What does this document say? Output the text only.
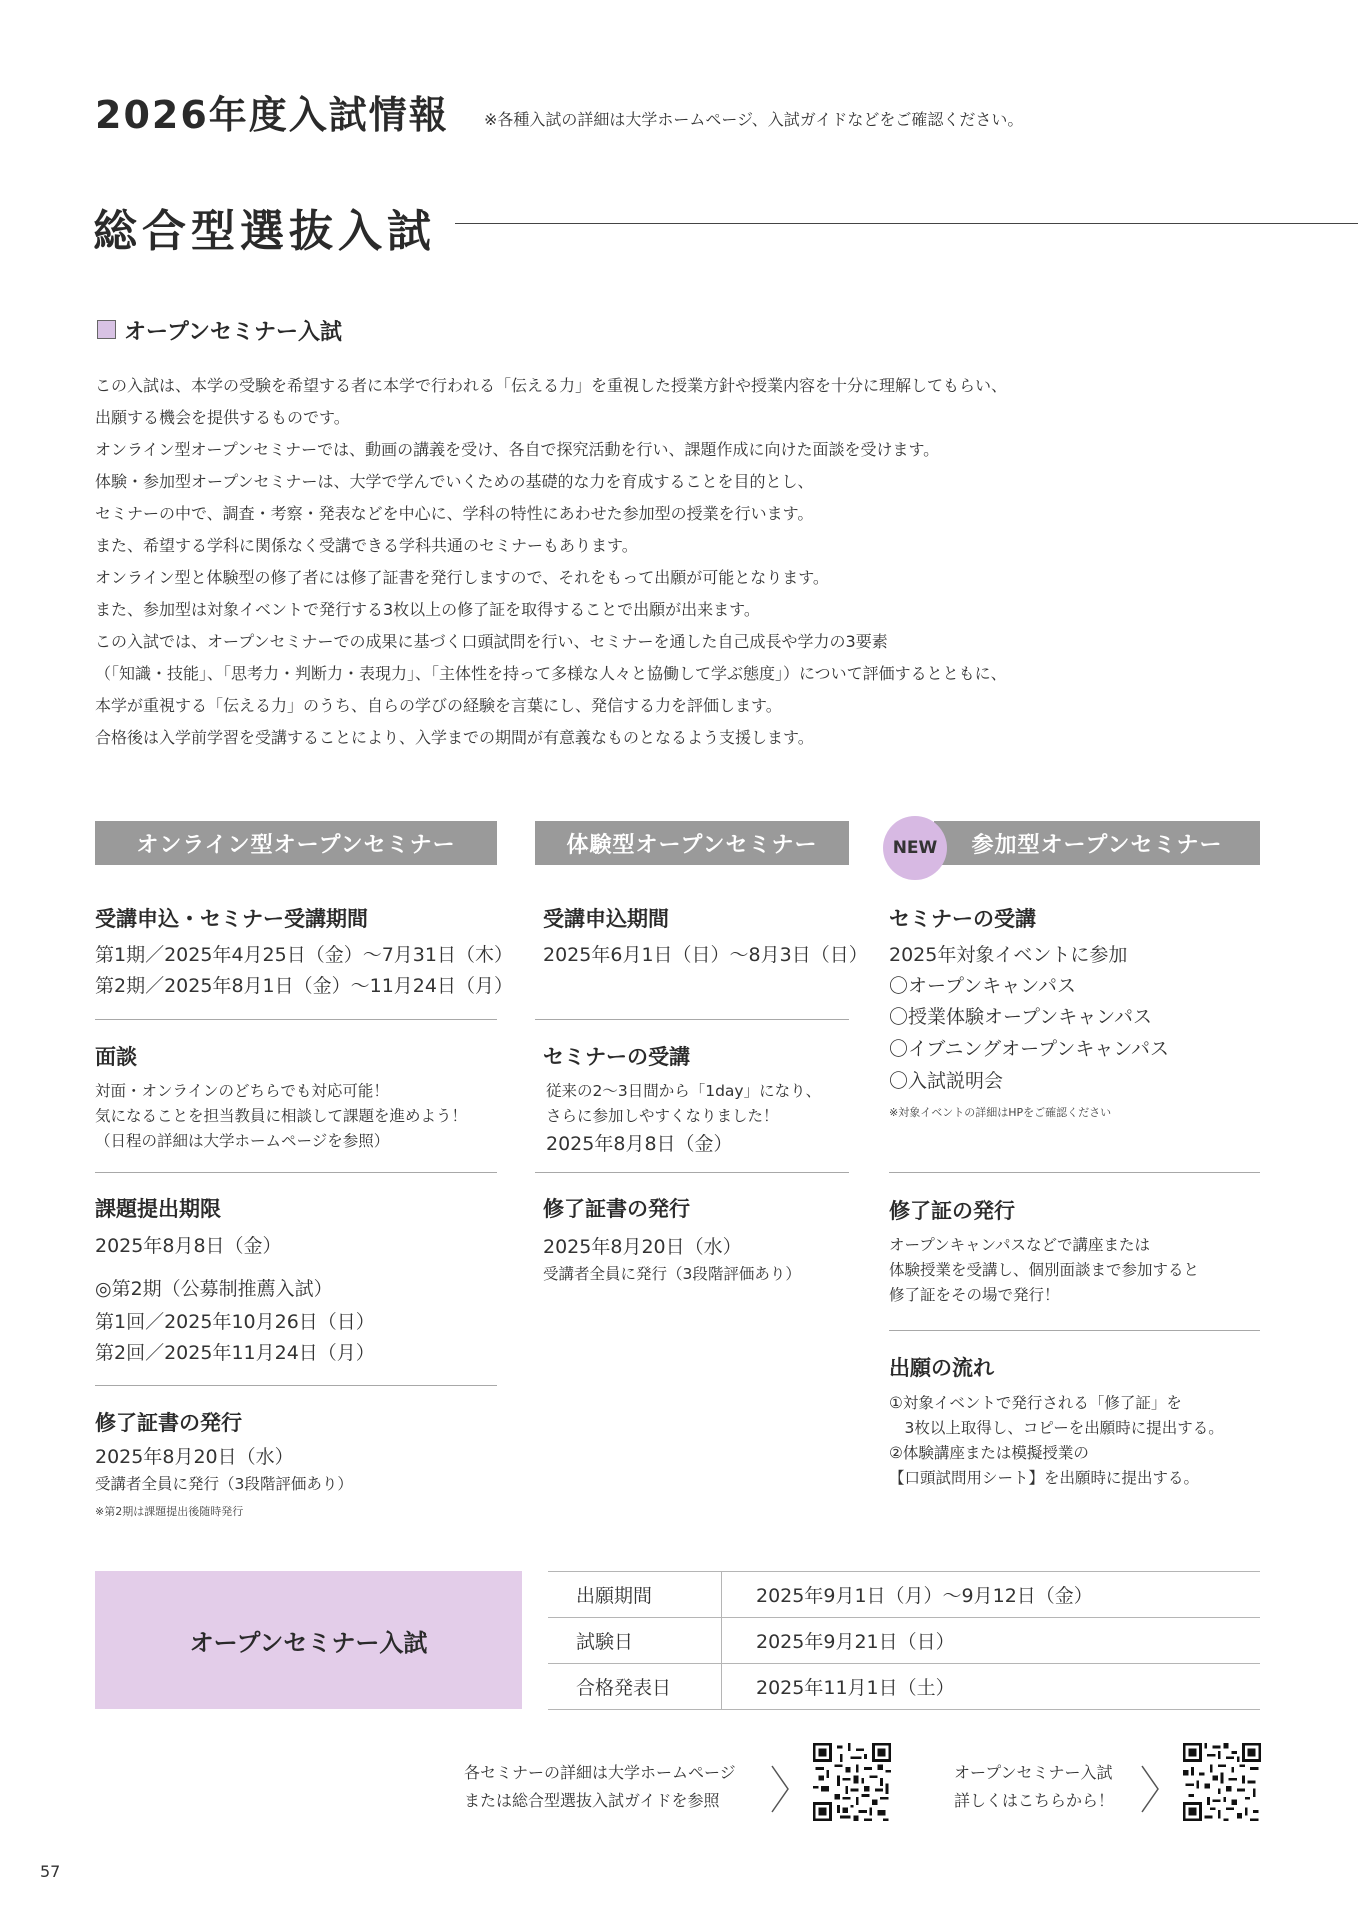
2026年度入試情報 ※各種入試の詳細は大学ホームページ、入試ガイドなどをご確認ください。
総合型選抜入試
オープンセミナー入試
この入試は、本学の受験を希望する者に本学で行われる「伝える力」を重視した授業方針や授業内容を十分に理解してもらい、
出願する機会を提供するものです。
オンライン型オープンセミナーでは、動画の講義を受け、各自で探究活動を行い、課題作成に向けた面談を受けます。
体験・参加型オープンセミナーは、大学で学んでいくための基礎的な力を育成することを目的とし、
セミナーの中で、調査・考察・発表などを中心に、学科の特性にあわせた参加型の授業を行います。
また、希望する学科に関係なく受講できる学科共通のセミナーもあります。
オンライン型と体験型の修了者には修了証書を発行しますので、それをもって出願が可能となります。
また、参加型は対象イベントで発行する3枚以上の修了証を取得することで出願が出来ます。
この入試では、オープンセミナーでの成果に基づく口頭試問を行い、セミナーを通した自己成長や学力の3要素
（「知識・技能」、「思考力・判断力・表現力」、「主体性を持って多様な人々と協働して学ぶ態度」）について評価するとともに、
本学が重視する「伝える力」のうち、自らの学びの経験を言葉にし、発信する力を評価します。
合格後は入学前学習を受講することにより、入学までの期間が有意義なものとなるよう支援します。
オンライン型オープンセミナー
受講申込・セミナー受講期間
第1期／2025年4月25日（金）～7月31日（木）
第2期／2025年8月1日（金）～11月24日（月）
面談
対面・オンラインのどちらでも対応可能！
気になることを担当教員に相談して課題を進めよう！
（日程の詳細は大学ホームページを参照）
課題提出期限
2025年8月8日（金）
◎第2期（公募制推薦入試）
第1回／2025年10月26日（日）
第2回／2025年11月24日（月）
修了証書の発行
2025年8月20日（水）
受講者全員に発行（3段階評価あり）
※第2期は課題提出後随時発行
体験型オープンセミナー
受講申込期間
2025年6月1日（日）～8月3日（日）
セミナーの受講
従来の2～3日間から「1day」になり、
さらに参加しやすくなりました！
2025年8月8日（金）
修了証書の発行
2025年8月20日（水）
受講者全員に発行（3段階評価あり）
参加型オープンセミナー
NEW
セミナーの受講
2025年対象イベントに参加
〇オープンキャンパス
〇授業体験オープンキャンパス
〇イブニングオープンキャンパス
〇入試説明会
※対象イベントの詳細はHPをご確認ください
修了証の発行
オープンキャンパスなどで講座または
体験授業を受講し、個別面談まで参加すると
修了証をその場で発行！
出願の流れ
①対象イベントで発行される「修了証」を
　3枚以上取得し、コピーを出願時に提出する。
②体験講座または模擬授業の
【口頭試問用シート】を出願時に提出する。
オープンセミナー入試
出願期間	2025年9月1日（月）～9月12日（金）
試験日	2025年9月21日（日）
合格発表日	2025年11月1日（土）
各セミナーの詳細は大学ホームページ
または総合型選抜入試ガイドを参照
オープンセミナー入試
詳しくはこちらから！
57
